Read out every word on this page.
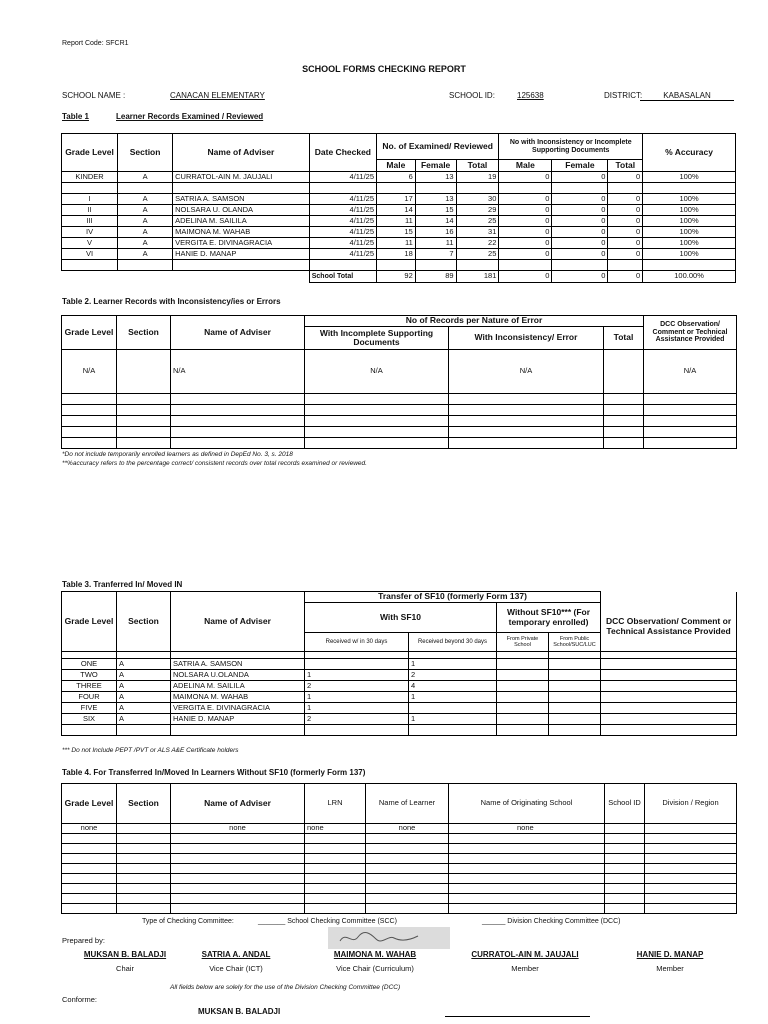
Report Code: SFCR1
SCHOOL FORMS CHECKING REPORT
SCHOOL NAME :	CANACAN ELEMENTARY	SCHOOL ID:	125638	DISTRICT:	KABASALAN
Table 1	Learner Records Examined / Reviewed
Grade Level	Section	Name of Adviser	Date Checked	No. of Examined/ Reviewed			No with Inconsistency or Incomplete Supporting Documents			% Accuracy
				Male	Female	Total	Male	Female	Total	
KINDER	A	CURRATOL-AIN M. JAUJALI	4/11/25	6	13	19	0	0	0	100%

I	A	SATRIA A. SAMSON	4/11/25	17	13	30	0	0	0	100%
II	A	NOLSARA U. OLANDA	4/11/25	14	15	29	0	0	0	100%
III	A	ADELINA M. SAILILA	4/11/25	11	14	25	0	0	0	100%
IV	A	MAIMONA M. WAHAB	4/11/25	15	16	31	0	0	0	100%
V	A	VERGITA E. DIVINAGRACIA	4/11/25	11	11	22	0	0	0	100%
VI	A	HANIE D. MANAP	4/11/25	18	7	25	0	0	0	100%

			School Total	92	89	181	0	0	0	100.00%
Table 2. Learner Records with Inconsistency/ies or Errors
Grade Level	Section	Name of Adviser	No of Records per Nature of Error			DCC Observation/ Comment or Technical Assistance Provided
			With Incomplete Supporting Documents	With Inconsistency/ Error	Total	
N/A		N/A	N/A	N/A		N/A

*Do not include temporarily enrolled learners as defined in DepEd No. 3, s. 2018
**%accuracy refers to the percentage correct/ consistent records over total records examined or reviewed.
Table 3. Tranferred In/ Moved IN
Grade Level	Section	Name of Adviser	Transfer of SF10 (formerly Form 137)				
			With SF10		Without SF10*** (For temporary enrolled)		DCC Observation/ Comment or Technical Assistance Provided
			Received w/ in 30 days	Received beyond 30 days	From Private School	From Public School/SUC/LUC	

ONE	A	SATRIA A. SAMSON		1			
TWO	A	NOLSARA U.OLANDA	1	2			
THREE	A	ADELINA M. SAILILA	2	4			
FOUR	A	MAIMONA M. WAHAB	1	1			
FIVE	A	VERGITA E. DIVINAGRACIA	1				
SIX	A	HANIE D. MANAP	2	1			

*** Do not Include PEPT /PVT or ALS A&E Certificate holders
Table 4. For Transferred In/Moved In Learners Without SF10 (formerly Form 137)
Grade Level	Section	Name of Adviser	LRN	Name of Learner	Name of Originating School	School ID	Division / Region
none		none	none	none	none		

Type of Checking Committee:	_______ School Checking Committee (SCC)	______ Division Checking Committee (DCC)
Prepared by:
MUKSAN B. BALADJI
Chair
SATRIA A. ANDAL
Vice Chair (ICT)
MAIMONA M. WAHAB
Vice Chair (Curriculum)
CURRATOL-AIN M. JAUJALI
Member
HANIE D. MANAP
Member
All fields below are solely for the use of the Division Checking Committee (DCC)
Conforme:
MUKSAN B. BALADJI
